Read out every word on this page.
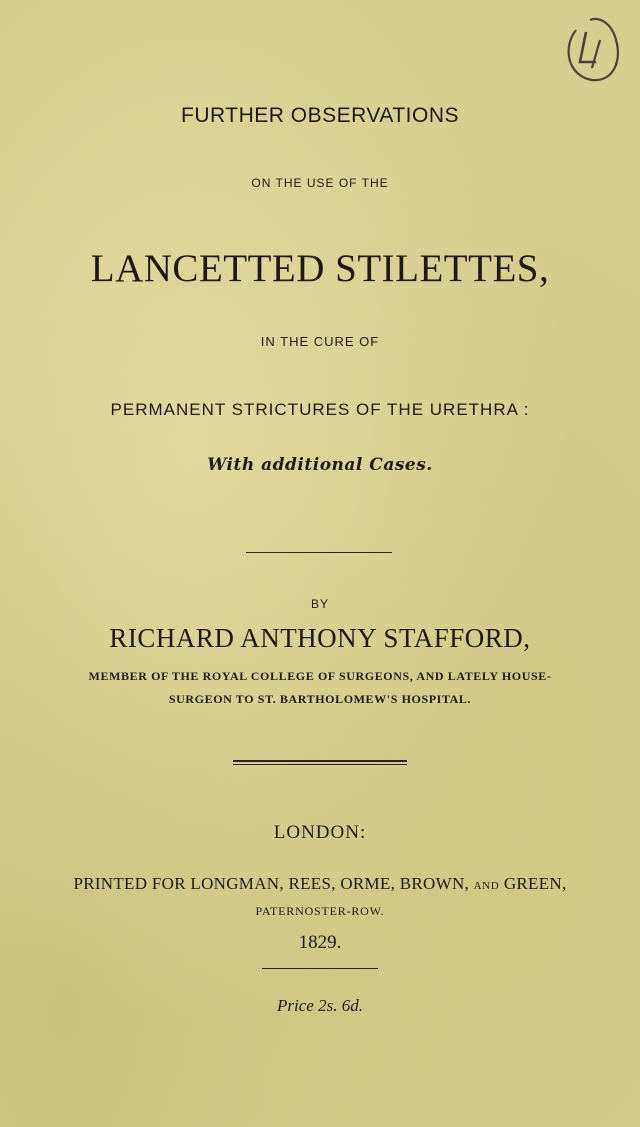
FURTHER OBSERVATIONS
ON THE USE OF THE
LANCETTED STILETTES,
IN THE CURE OF
PERMANENT STRICTURES OF THE URETHRA :
With additional Cases.
BY
RICHARD ANTHONY STAFFORD,
MEMBER OF THE ROYAL COLLEGE OF SURGEONS, AND LATELY HOUSE-
SURGEON TO ST. BARTHOLOMEW'S HOSPITAL.
LONDON:
PRINTED FOR LONGMAN, REES, ORME, BROWN, AND GREEN,
PATERNOSTER-ROW.
1829.
Price 2s. 6d.
